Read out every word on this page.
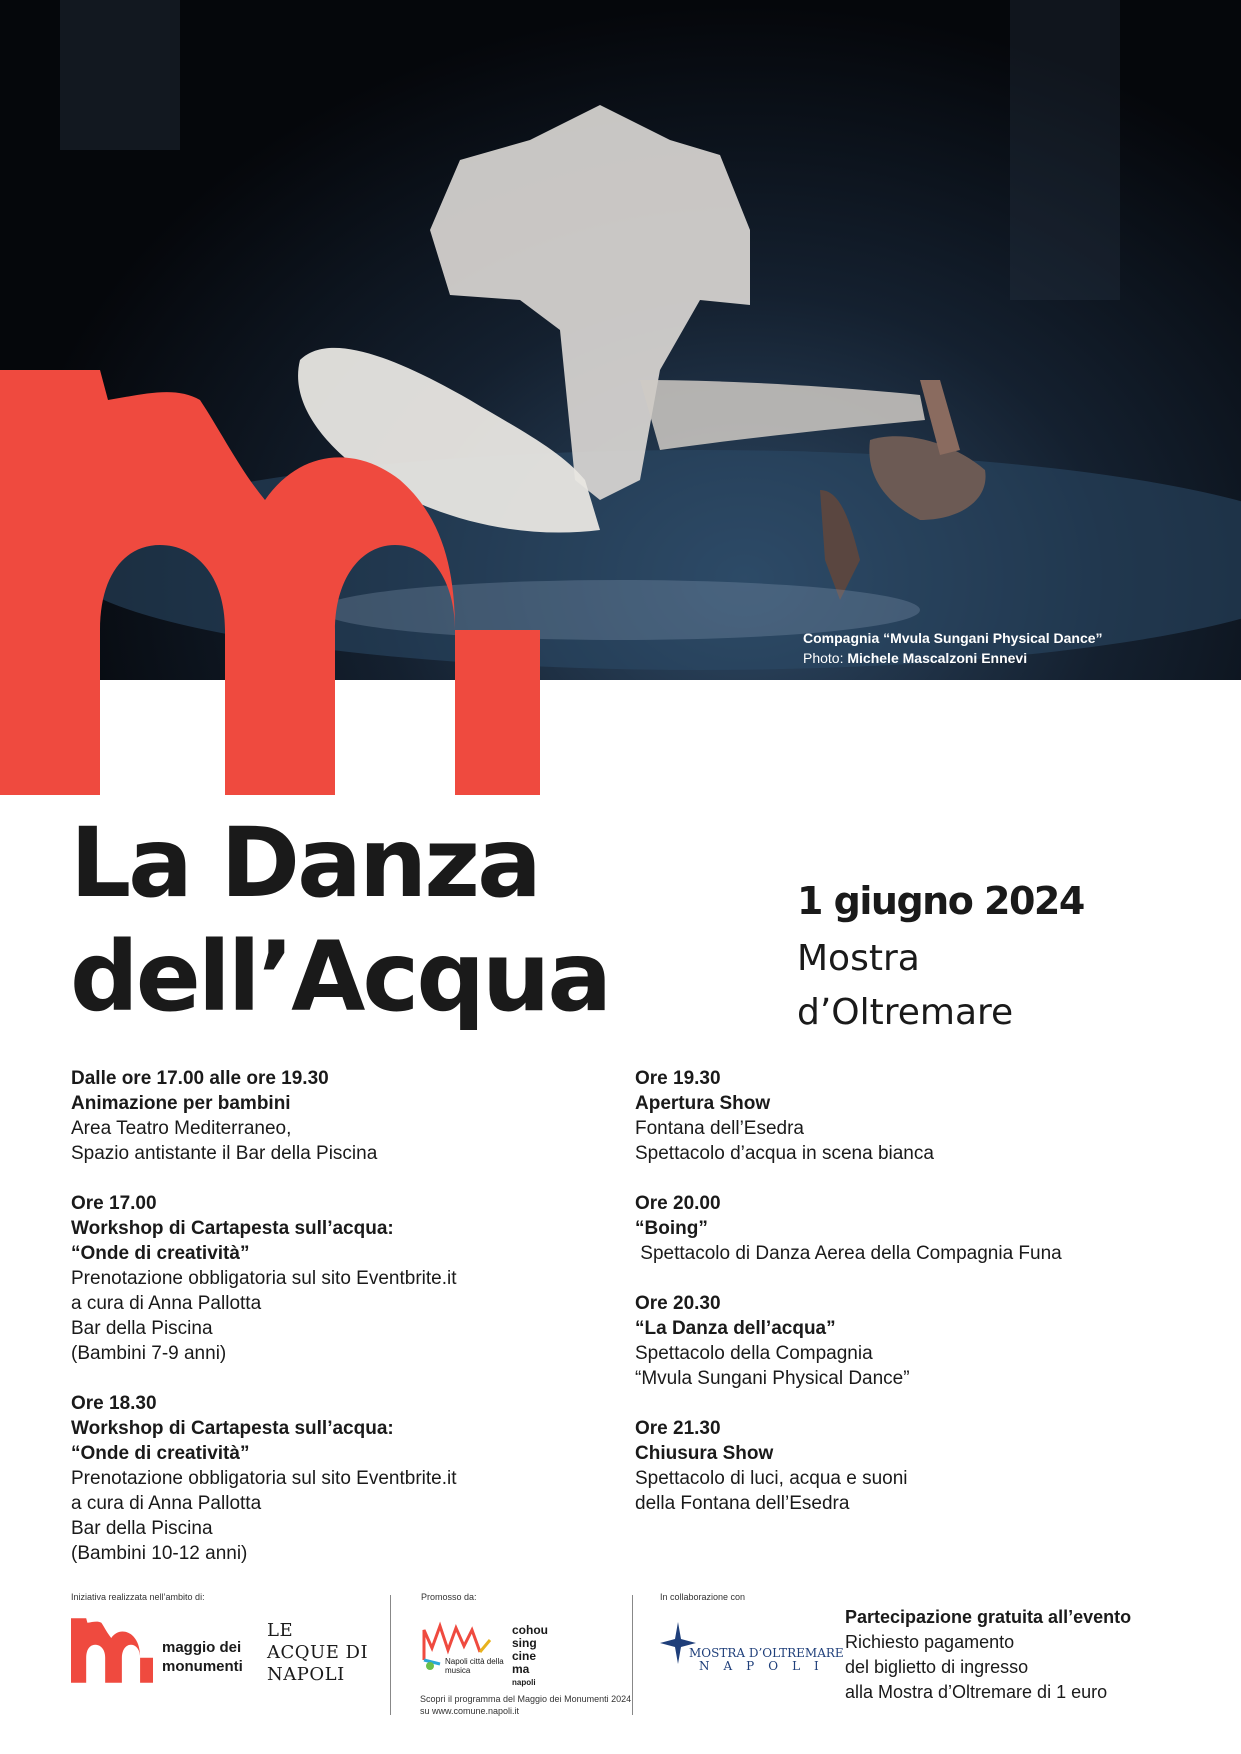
Compagnia “Mvula Sungani Physical Dance”
Photo: Michele Mascalzoni Ennevi
La Danza
dell’Acqua
1 giugno 2024
Mostra
d’Oltremare
Dalle ore 17.00 alle ore 19.30
Animazione per bambini
Area Teatro Mediterraneo,
Spazio antistante il Bar della Piscina
Ore 17.00
Workshop di Cartapesta sull’acqua:
“Onde di creatività”
Prenotazione obbligatoria sul sito Eventbrite.it
a cura di Anna Pallotta
Bar della Piscina
(Bambini 7-9 anni)
Ore 18.30
Workshop di Cartapesta sull’acqua:
“Onde di creatività”
Prenotazione obbligatoria sul sito Eventbrite.it
a cura di Anna Pallotta
Bar della Piscina
(Bambini 10-12 anni)
Ore 19.30
Apertura Show
Fontana dell’Esedra
Spettacolo d’acqua in scena bianca
Ore 20.00
“Boing”
Spettacolo di Danza Aerea della Compagnia Funa
Ore 20.30
“La Danza dell’acqua”
Spettacolo della Compagnia
“Mvula Sungani Physical Dance”
Ore 21.30
Chiusura Show
Spettacolo di luci, acqua e suoni
della Fontana dell’Esedra
Iniziativa realizzata nell’ambito di:
maggio dei
monumenti
LE
ACQUE DI
NAPOLI
Promosso da:
Napoli città della musica
cohou
sing
cine
ma
napoli
Scopri il programma del Maggio dei Monumenti 2024
su www.comune.napoli.it
In collaborazione con
MOSTRA D’OLTREMARE
NAPOLI
Partecipazione gratuita all’evento
Richiesto pagamento
del biglietto di ingresso
alla Mostra d’Oltremare di 1 euro
